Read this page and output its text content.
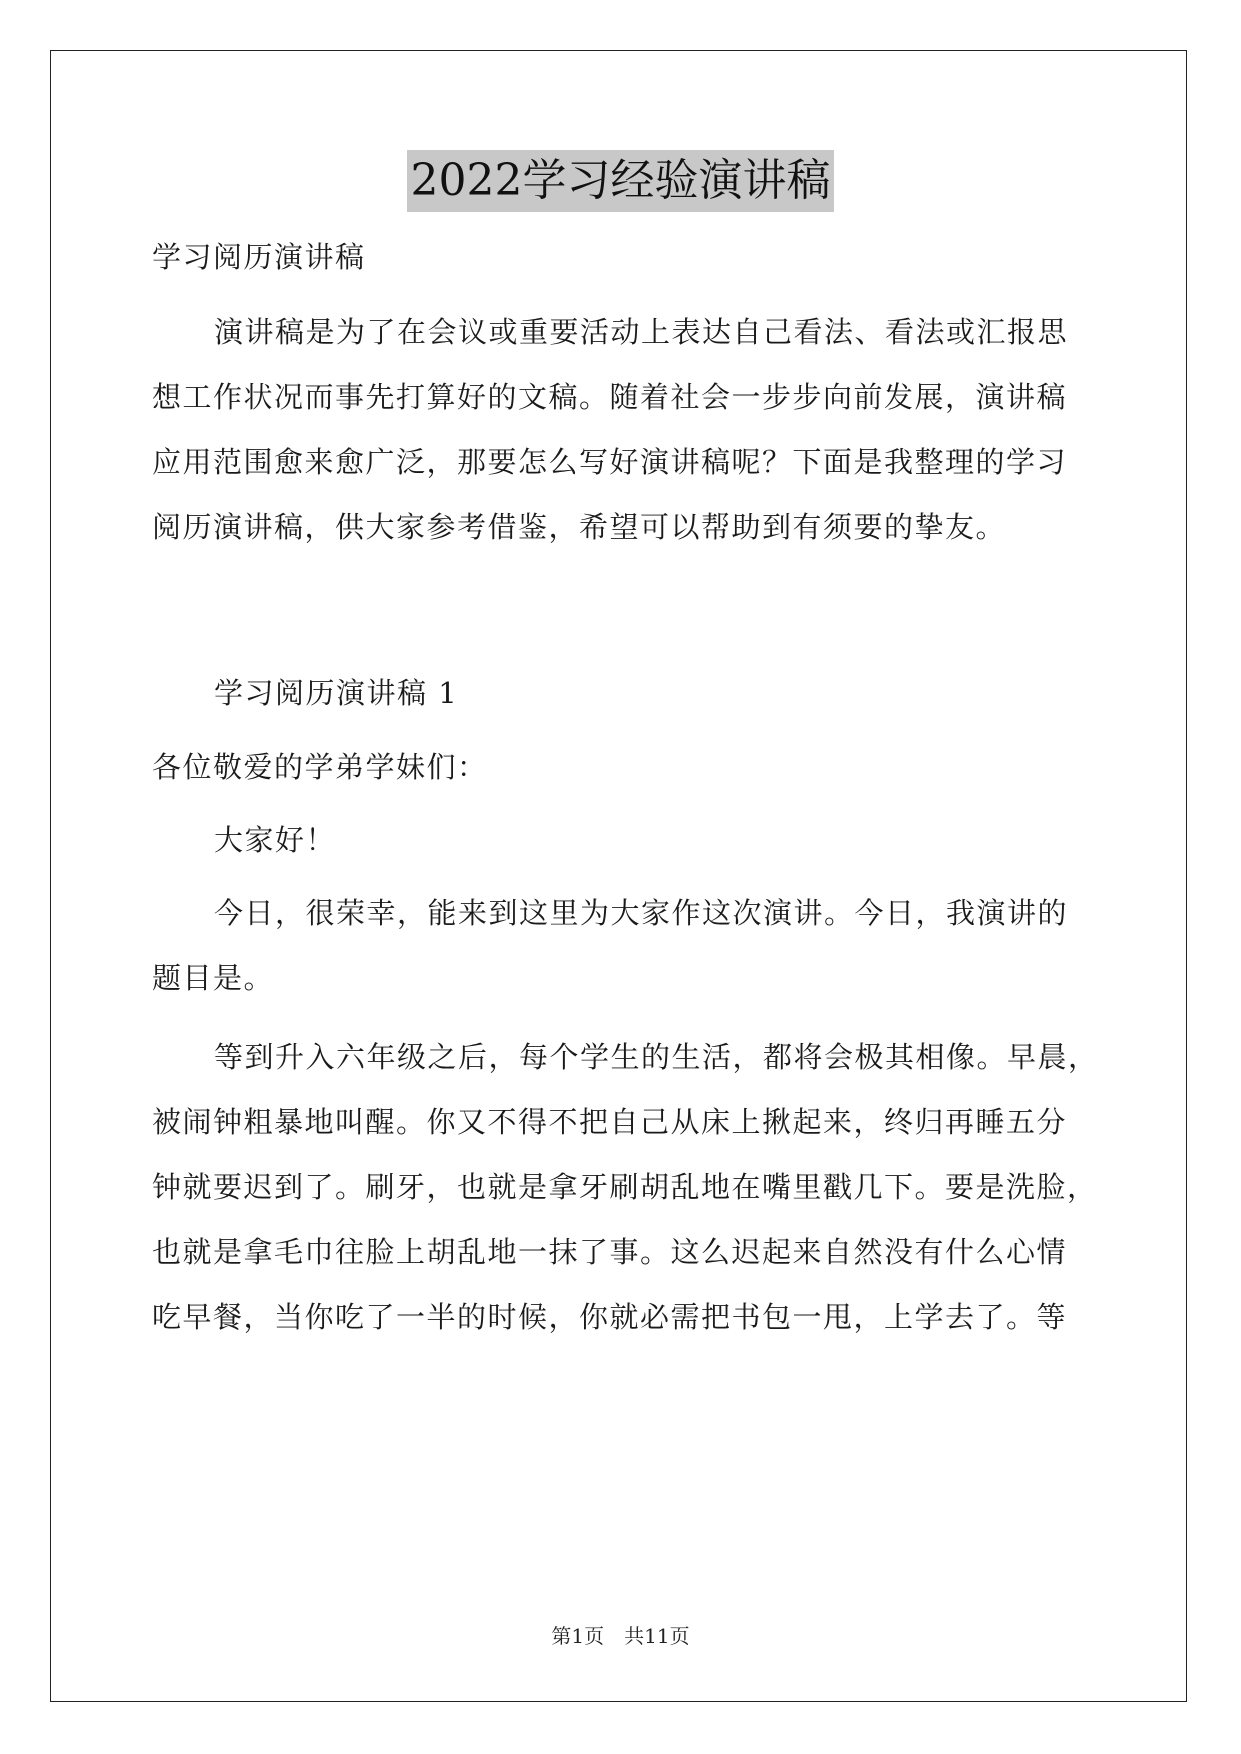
2022学习经验演讲稿

学习阅历演讲稿

演讲稿是为了在会议或重要活动上表达自己看法、看法或汇报思
想工作状况而事先打算好的文稿。随着社会一步步向前发展，演讲稿
应用范围愈来愈广泛，那要怎么写好演讲稿呢？下面是我整理的学习
阅历演讲稿，供大家参考借鉴，希望可以帮助到有须要的挚友。

学习阅历演讲稿 1

各位敬爱的学弟学妹们：

大家好！

今日，很荣幸，能来到这里为大家作这次演讲。今日，我演讲的
题目是。

等到升入六年级之后，每个学生的生活，都将会极其相像。早晨，
被闹钟粗暴地叫醒。你又不得不把自己从床上揪起来，终归再睡五分
钟就要迟到了。刷牙，也就是拿牙刷胡乱地在嘴里戳几下。要是洗脸，
也就是拿毛巾往脸上胡乱地一抹了事。这么迟起来自然没有什么心情
吃早餐，当你吃了一半的时候，你就必需把书包一甩，上学去了。等

第1页 共11页
